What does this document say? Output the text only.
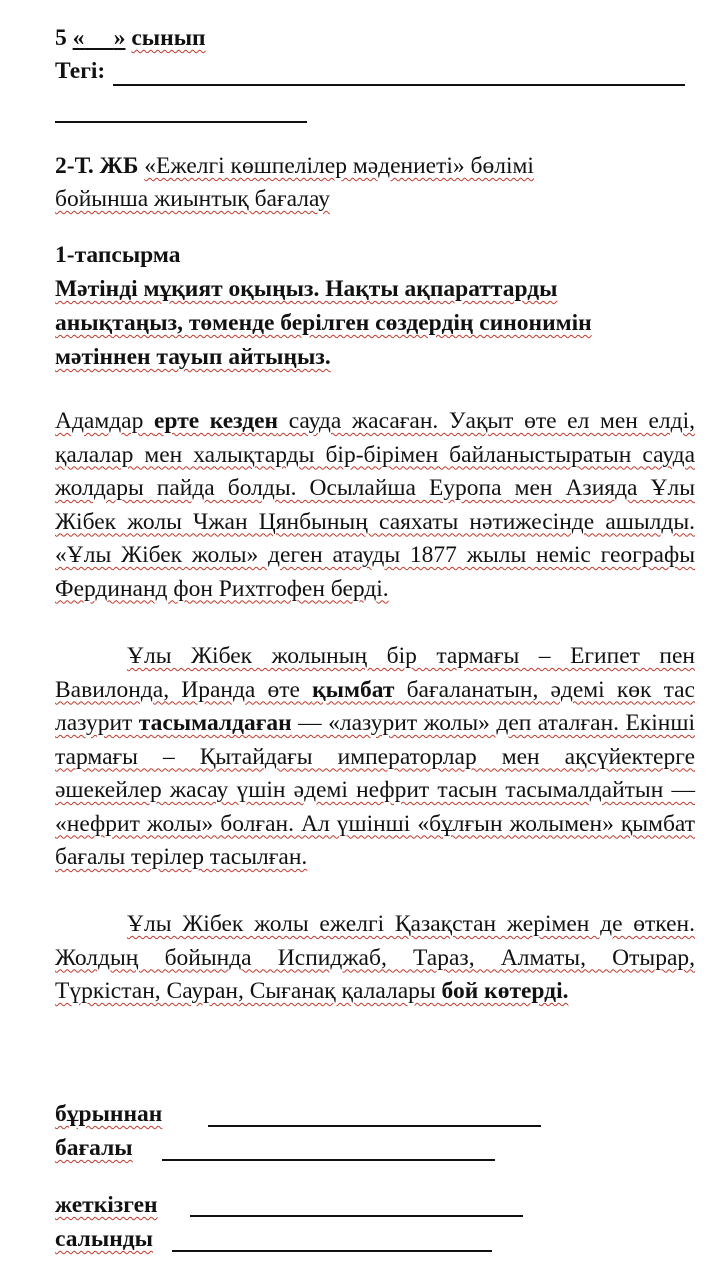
5 « » сынып
Тегі:
2-Т. ЖБ «Ежелгі көшпелілер мәдениеті» бөлімі
бойынша жиынтық бағалау
1-тапсырма
Мәтінді мұқият оқыңыз. Нақты ақпараттарды
анықтаңыз, төменде берілген сөздердің синонимін
мәтіннен тауып айтыңыз.
Адамдар ерте кезден сауда жасаған. Уақыт өте ел мен елді, қалалар мен халықтарды бір-бірімен байланыстыратын сауда жолдары пайда болды. Осылайша Еуропа мен Азияда Ұлы Жібек жолы Чжан Цянбының саяхаты нәтижесінде ашылды. «Ұлы Жібек жолы» деген атауды 1877 жылы неміс географы Фердинанд фон Рихтгофен берді.
Ұлы Жібек жолының бір тармағы – Египет пен Вавилонда, Иранда өте қымбат бағаланатын, әдемі көк тас лазурит тасымалдаған — «лазурит жолы» деп аталған. Екінші тармағы – Қытайдағы императорлар мен ақсүйектерге әшекейлер жасау үшін әдемі нефрит тасын тасымалдайтын — «нефрит жолы» болған. Ал үшінші «бұлғын жолымен» қымбат бағалы терілер тасылған.
Ұлы Жібек жолы ежелгі Қазақстан жерімен де өткен. Жолдың бойында Испиджаб, Тараз, Алматы, Отырар, Түркістан, Сауран, Сығанақ қалалары бой көтерді.
бұрыннан
бағалы
жеткізген
салынды
